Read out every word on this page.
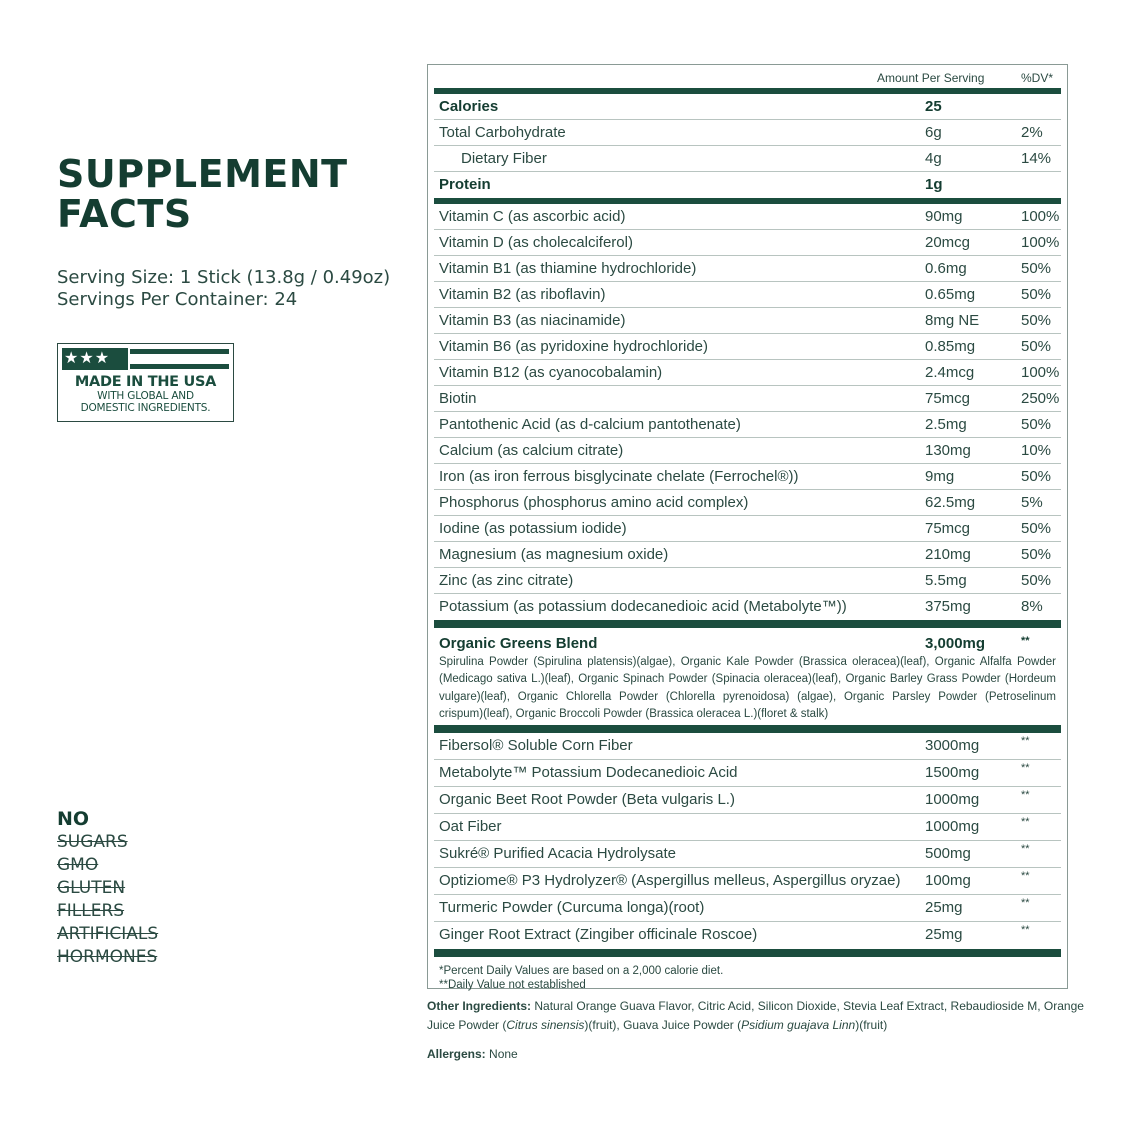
SUPPLEMENT
FACTS
Serving Size: 1 Stick (13.8g / 0.49oz)
Servings Per Container: 24
★★★
MADE IN THE USA
WITH GLOBAL AND
DOMESTIC INGREDIENTS.
NO
SUGARS
GMO
GLUTEN
FILLERS
ARTIFICIALS
HORMONES
Amount Per Serving	%DV*
Calories	25
Total Carbohydrate	6g	2%
Dietary Fiber	4g	14%
Protein	1g
Vitamin C (as ascorbic acid)	90mg	100%
Vitamin D (as cholecalciferol)	20mcg	100%
Vitamin B1 (as thiamine hydrochloride)	0.6mg	50%
Vitamin B2 (as riboflavin)	0.65mg	50%
Vitamin B3 (as niacinamide)	8mg NE	50%
Vitamin B6 (as pyridoxine hydrochloride)	0.85mg	50%
Vitamin B12 (as cyanocobalamin)	2.4mcg	100%
Biotin	75mcg	250%
Pantothenic Acid (as d-calcium pantothenate)	2.5mg	50%
Calcium (as calcium citrate)	130mg	10%
Iron (as iron ferrous bisglycinate chelate (Ferrochel®))	9mg	50%
Phosphorus (phosphorus amino acid complex)	62.5mg	5%
Iodine (as potassium iodide)	75mcg	50%
Magnesium (as magnesium oxide)	210mg	50%
Zinc (as zinc citrate)	5.5mg	50%
Potassium (as potassium dodecanedioic acid (Metabolyte™))	375mg	8%
Organic Greens Blend	3,000mg	**
Spirulina Powder (Spirulina platensis)(algae), Organic Kale Powder (Brassica oleracea)(leaf), Organic Alfalfa Powder (Medicago sativa L.)(leaf), Organic Spinach Powder (Spinacia oleracea)(leaf), Organic Barley Grass Powder (Hordeum vulgare)(leaf), Organic Chlorella Powder (Chlorella pyrenoidosa) (algae), Organic Parsley Powder (Petroselinum crispum)(leaf), Organic Broccoli Powder (Brassica oleracea L.)(floret & stalk)
Fibersol® Soluble Corn Fiber	3000mg	**
Metabolyte™ Potassium Dodecanedioic Acid	1500mg	**
Organic Beet Root Powder (Beta vulgaris L.)	1000mg	**
Oat Fiber	1000mg	**
Sukré® Purified Acacia Hydrolysate	500mg	**
Optiziome® P3 Hydrolyzer® (Aspergillus melleus, Aspergillus oryzae) 100mg	**
Turmeric Powder (Curcuma longa)(root)	25mg	**
Ginger Root Extract (Zingiber officinale Roscoe)	25mg	**
*Percent Daily Values are based on a 2,000 calorie diet.
**Daily Value not established
Other Ingredients: Natural Orange Guava Flavor, Citric Acid, Silicon Dioxide, Stevia Leaf Extract, Rebaudioside M, Orange Juice Powder (Citrus sinensis)(fruit), Guava Juice Powder (Psidium guajava Linn)(fruit)
Allergens: None
